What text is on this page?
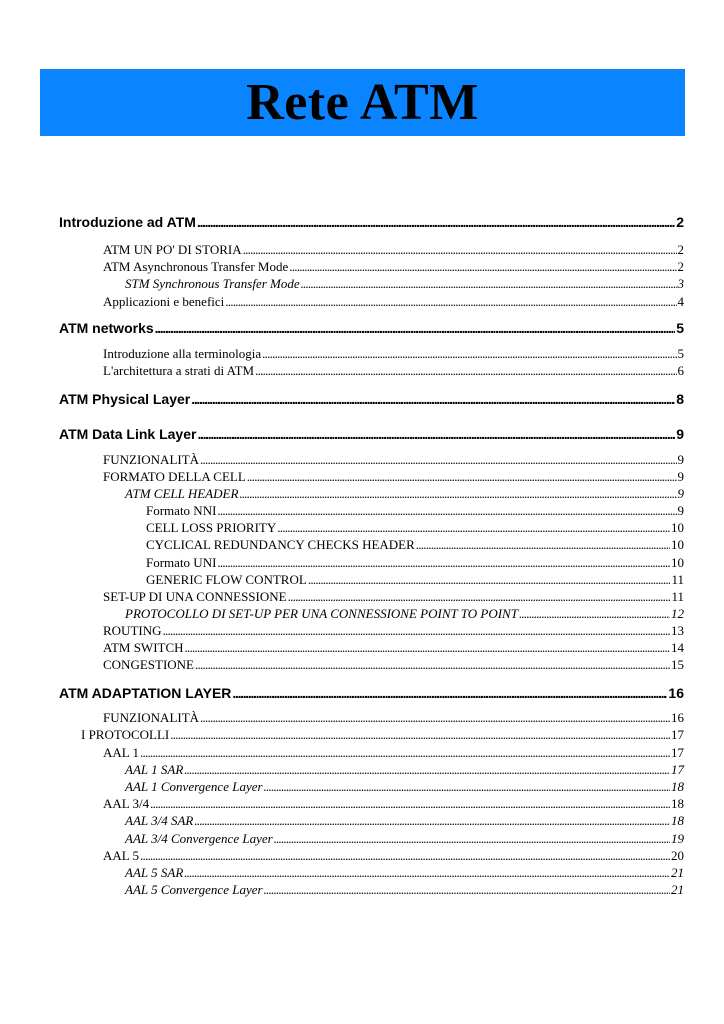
Rete ATM
Introduzione ad ATM . . .	2
ATM UN PO' DI STORIA . . .	2
ATM Asynchronous Transfer Mode . . .	2
STM Synchronous Transfer Mode . . .	3
Applicazioni e benefici . . .	4
ATM networks . . .	5
Introduzione alla terminologia . . .	5
L'architettura a strati di ATM . . .	6
ATM Physical Layer . . .	8
ATM Data Link Layer . . .	9
FUNZIONALITÀ . . .	9
FORMATO DELLA CELL . . .	9
ATM CELL HEADER . . .	9
Formato NNI . . .	9
CELL LOSS PRIORITY . . .	10
CYCLICAL REDUNDANCY CHECKS HEADER . . .	10
Formato UNI . . .	10
GENERIC FLOW CONTROL . . .	11
SET-UP DI UNA CONNESSIONE . . .	11
PROTOCOLLO DI SET-UP PER UNA CONNESSIONE POINT TO POINT . . .	12
ROUTING . . .	13
ATM SWITCH . . .	14
CONGESTIONE . . .	15
ATM ADAPTATION LAYER . . .	16
FUNZIONALITÀ . . .	16
I PROTOCOLLI . . .	17
AAL 1 . . .	17
AAL 1 SAR . . .	17
AAL 1 Convergence Layer . . .	18
AAL 3/4 . . .	18
AAL 3/4 SAR . . .	18
AAL 3/4 Convergence Layer . . .	19
AAL 5 . . .	20
AAL 5 SAR . . .	21
AAL 5 Convergence Layer . . .	21
